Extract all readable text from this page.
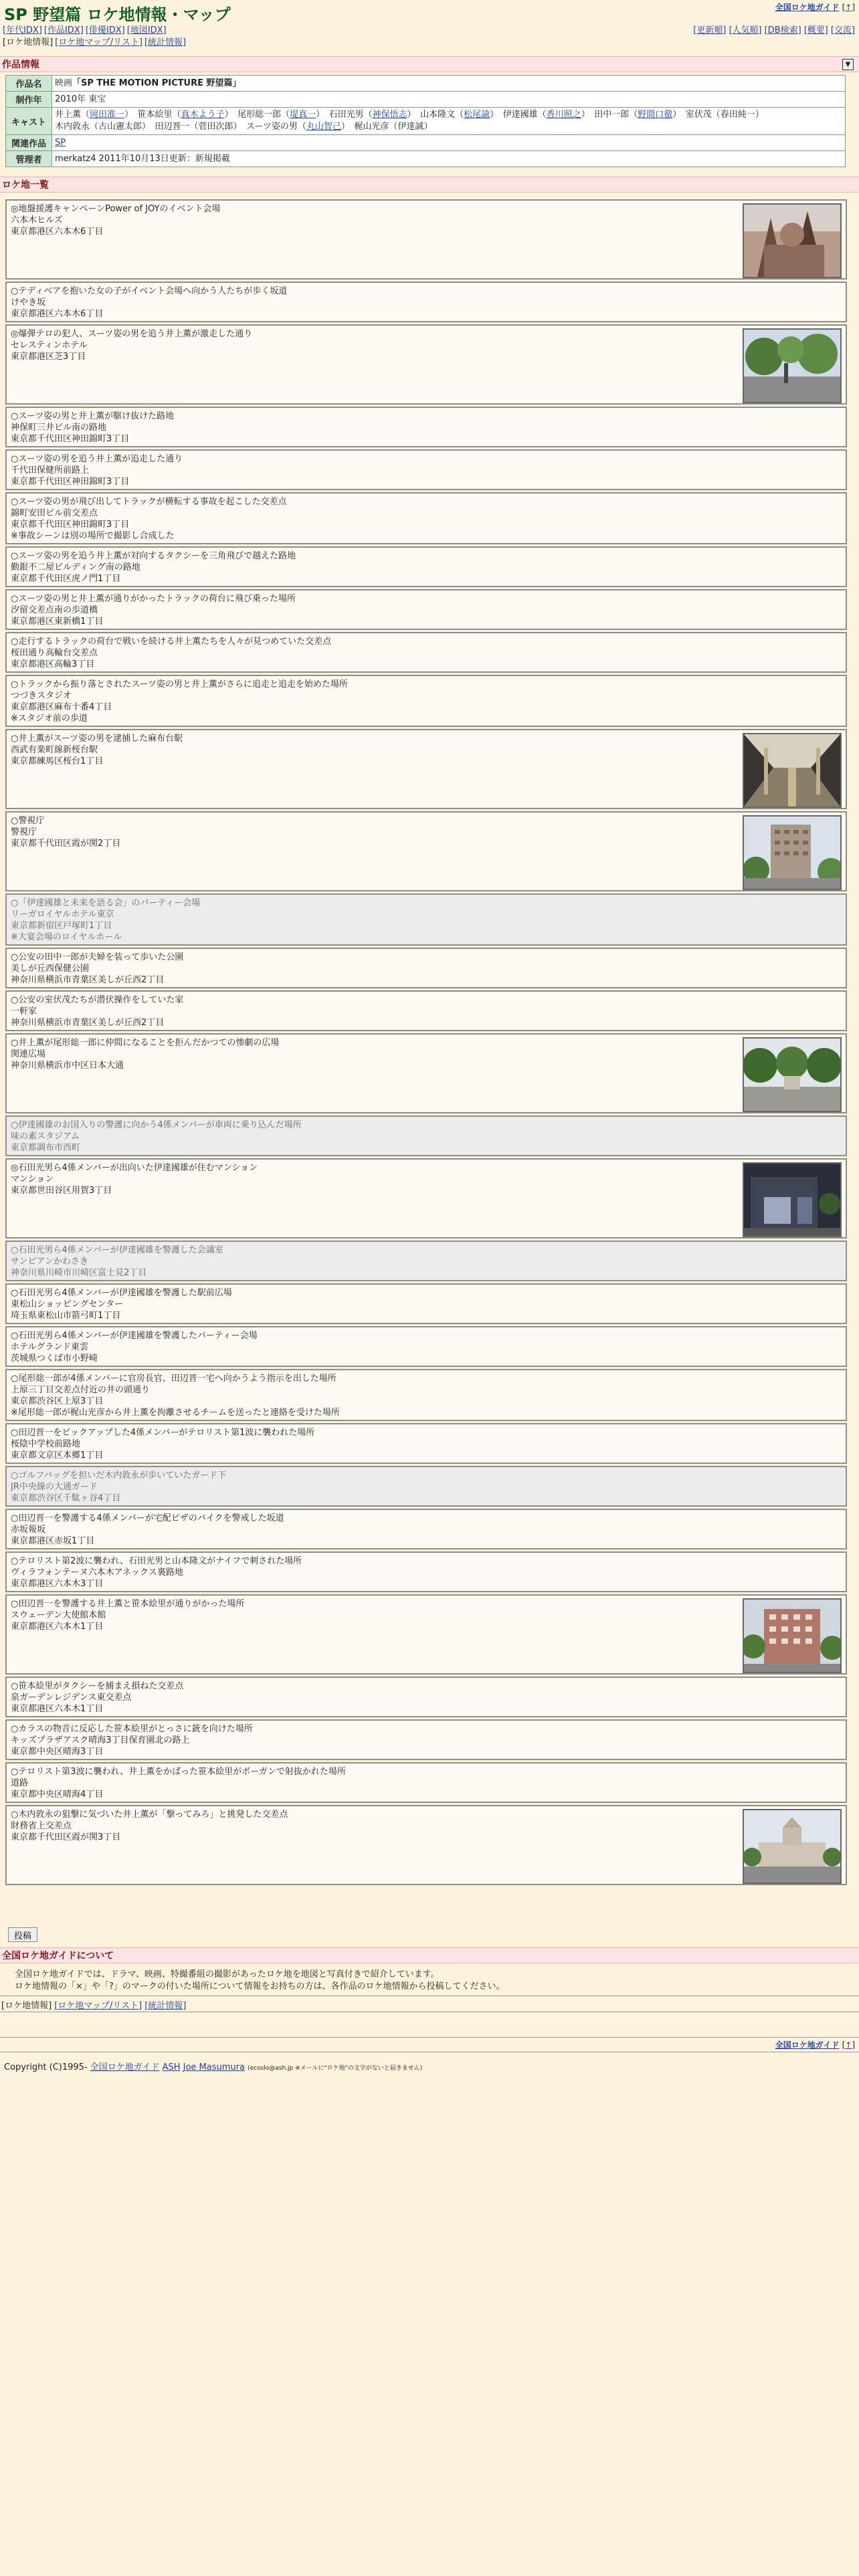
SP 野望篇 ロケ地情報・マップ	全国ロケ地ガイド [↑]
[年代IDX] [作品IDX] [俳優IDX] [地図IDX]
[ロケ地情報] [ロケ地マップ/リスト] [統計情報]
[更新順] [人気順] [DB検索] [概要] [交流]
作品情報	▼
作品名	映画「SP THE MOTION PICTURE 野望篇」
制作年	2010年 東宝
キャスト	井上薫（岡田准一）　笹本絵里（真木よう子）　尾形総一郎（堤真一）　石田光男（神保悟志）　山本隆文（松尾諭）　伊達國雄（香川照之）　田中一郎（野間口徹）　室伏茂（春田純一）
木内敦永（古山憲太郎）　田辺晋一（菅田次郎）　スーツ姿の男（丸山智己）　梶山光彦（伊達誠）

関連作品	SP
管理者	merkatz4 2011年10月13日更新：新規掲載
ロケ地一覧
◎地盤援護キャンペーンPower of JOYのイベント会場
六本木ヒルズ
東京都港区六本木6丁目
○テディベアを抱いた女の子がイベント会場へ向かう人たちが歩く坂道
けやき坂
東京都港区六本木6丁目
◎爆弾テロの犯人、スーツ姿の男を追う井上薫が激走した通り
セレスティンホテル
東京都港区芝3丁目
○スーツ姿の男と井上薫が駆け抜けた路地
神保町三井ビル南の路地
東京都千代田区神田錦町3丁目
○スーツ姿の男を追う井上薫が追走した通り
千代田保健所前路上
東京都千代田区神田錦町3丁目
○スーツ姿の男が飛び出してトラックが横転する事故を起こした交差点
錦町安田ビル前交差点
東京都千代田区神田錦町3丁目
※事故シーンは別の場所で撮影し合成した
○スーツ姿の男を追う井上薫が対向するタクシーを三角飛びで越えた路地
勤銀不二屋ビルディング南の路地
東京都千代田区虎ノ門1丁目
○スーツ姿の男と井上薫が通りがかったトラックの荷台に飛び乗った場所
汐留交差点南の歩道橋
東京都港区東新橋1丁目
○走行するトラックの荷台で戦いを続ける井上薫たちを人々が見つめていた交差点
桜田通り高輪台交差点
東京都港区高輪3丁目
○トラックから振り落とされたスーツ姿の男と井上薫がさらに追走と追走を始めた場所
つづきスタジオ
東京都港区麻布十番4丁目
※スタジオ前の歩道
○井上薫がスーツ姿の男を逮捕した麻布台駅
西武有楽町線新桜台駅
東京都練馬区桜台1丁目
○警視庁
警視庁
東京都千代田区霞が関2丁目
○「伊達國雄と未来を語る会」のパーティー会場
リーガロイヤルホテル東京
東京都新宿区戸塚町1丁目
※大宴会場のロイヤルホール
○公安の田中一郎が夫婦を装って歩いた公園
美しが丘西保健公園
神奈川県横浜市青葉区美しが丘西2丁目
○公安の室伏茂たちが潜伏操作をしていた家
一軒家
神奈川県横浜市青葉区美しが丘西2丁目
○井上薫が尾形総一郎に仲間になることを拒んだかつての惨劇の広場
関連広場
神奈川県横浜市中区日本大通
○伊達國雄のお国入りの警護に向かう4係メンバーが車両に乗り込んだ場所
味の素スタジアム
東京都調布市西町
◎石田光男ら4係メンバーが出向いた伊達國雄が住むマンション
マンション
東京都世田谷区用賀3丁目
○石田光男ら4係メンバーが伊達國雄を警護した会議室
サンピアンかわさき
神奈川県川崎市川崎区富士見2丁目
○石田光男ら4係メンバーが伊達國雄を警護した駅前広場
東松山ショッピングセンター
埼玉県東松山市箭弓町1丁目
○石田光男ら4係メンバーが伊達國雄を警護したパーティー会場
ホテルグランド東雲
茨城県つくば市小野崎
○尾形総一郎が4係メンバーに官房長官、田辺晋一宅へ向かうよう指示を出した場所
上原三丁目交差点付近の井の頭通り
東京都渋谷区上原3丁目
※尾形総一郎が梶山光彦から井上薫を拘離させるチームを送ったと連絡を受けた場所
○田辺晋一をピックアップした4係メンバーがテロリスト第1波に襲われた場所
桜陰中学校前路地
東京都文京区本郷1丁目
○ゴルフバッグを担いだ木内敦永が歩いていたガード下
JR中央線の大通ガード
東京都渋谷区千駄ヶ谷4丁目
○田辺晋一を警護する4係メンバーが宅配ピザのバイクを警戒した坂道
赤坂報坂
東京都港区赤坂1丁目
○テロリスト第2波に襲われ、石田光男と山本隆文がナイフで刺された場所
ヴィラフォンテーヌ六本木アネックス裏路地
東京都港区六本木3丁目
○田辺晋一を警護する井上薫と笹本絵里が通りがかった場所
スウェーデン大使館本館
東京都港区六本木1丁目
○笹本絵里がタクシーを捕まえ損ねた交差点
泉ガーデンレジデンス東交差点
東京都港区六本木1丁目
○カラスの物音に反応した笹本絵里がとっさに銃を向けた場所
キッズプラザアスク晴海3丁目保育園北の路上
東京都中央区晴海3丁目
○テロリスト第3波に襲われ、井上薫をかばった笹本絵里がボーガンで射抜かれた場所
道路
東京都中央区晴海4丁目
○木内敦永の狙撃に気づいた井上薫が「撃ってみろ」と挑発した交差点
財務省上交差点
東京都千代田区霞が関3丁目
投稿
全国ロケ地ガイドについて
全国ロケ地ガイドでは、ドラマ、映画、特撮番組の撮影があったロケ地を地図と写真付きで紹介しています。
ロケ地情報の「×」や「?」のマークの付いた場所について情報をお持ちの方は、各作品のロケ地情報から投稿してください。
[ロケ地情報] [ロケ地マップ/リスト] [統計情報]
全国ロケ地ガイド [↑]
Copyright (C)1995- 全国ロケ地ガイド ASH Joe Masumura (ecoslo@ash.jp ※メールに"ロケ地"の文字がないと届きません)
